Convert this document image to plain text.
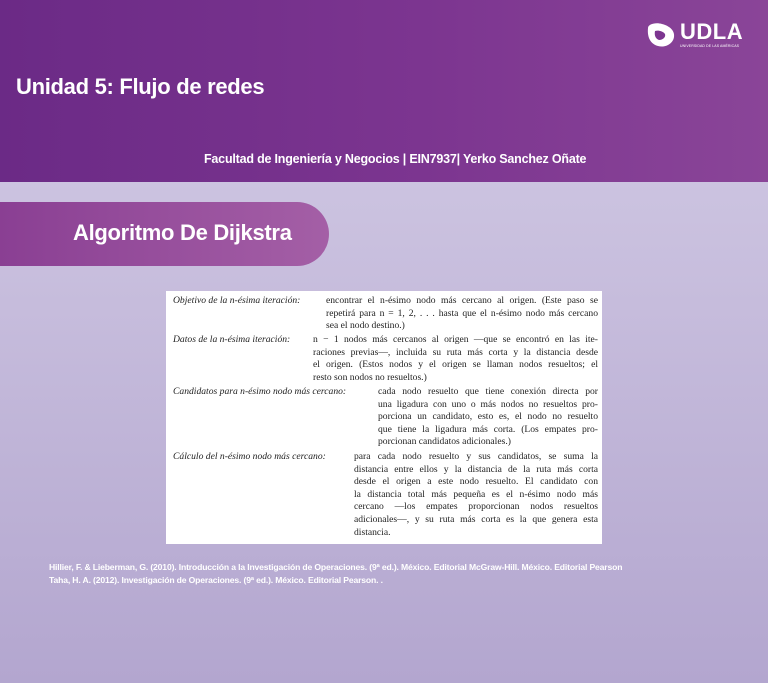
UDLA
UNIVERSIDAD DE LAS AMÉRICAS
Unidad 5: Flujo de redes
Facultad de Ingeniería y Negocios | EIN7937| Yerko Sanchez Oñate
Algoritmo De Dijkstra
Objetivo de la n-ésima iteración:	encontrar el n-ésimo nodo más cercano al origen. (Este paso se
repetirá para n = 1, 2, . . . hasta que el n-ésimo nodo más cercano
sea el nodo destino.)
Datos de la n-ésima iteración: n − 1 nodos más cercanos al origen —que se encontró en las ite-
raciones previas—, incluida su ruta más corta y la distancia desde
el origen. (Estos nodos y el origen se llaman nodos resueltos; el
resto son nodos no resueltos.)
Candidatos para n-ésimo nodo más cercano:	cada nodo resuelto que tiene conexión directa por
una ligadura con uno o más nodos no resueltos pro-
porciona un candidato, esto es, el nodo no resuelto
que tiene la ligadura más corta. (Los empates pro-
porcionan candidatos adicionales.)
Cálculo del n-ésimo nodo más cercano:	para cada nodo resuelto y sus candidatos, se suma la
distancia entre ellos y la distancia de la ruta más corta
desde el origen a este nodo resuelto. El candidato con
la distancia total más pequeña es el n-ésimo nodo más
cercano —los empates proporcionan nodos resueltos
adicionales—, y su ruta más corta es la que genera esta
distancia.
Hillier, F. & Lieberman, G. (2010). Introducción a la Investigación de Operaciones. (9ª ed.). México. Editorial McGraw-Hill. México. Editorial Pearson
Taha, H. A. (2012). Investigación de Operaciones. (9ª ed.). México. Editorial Pearson. .
